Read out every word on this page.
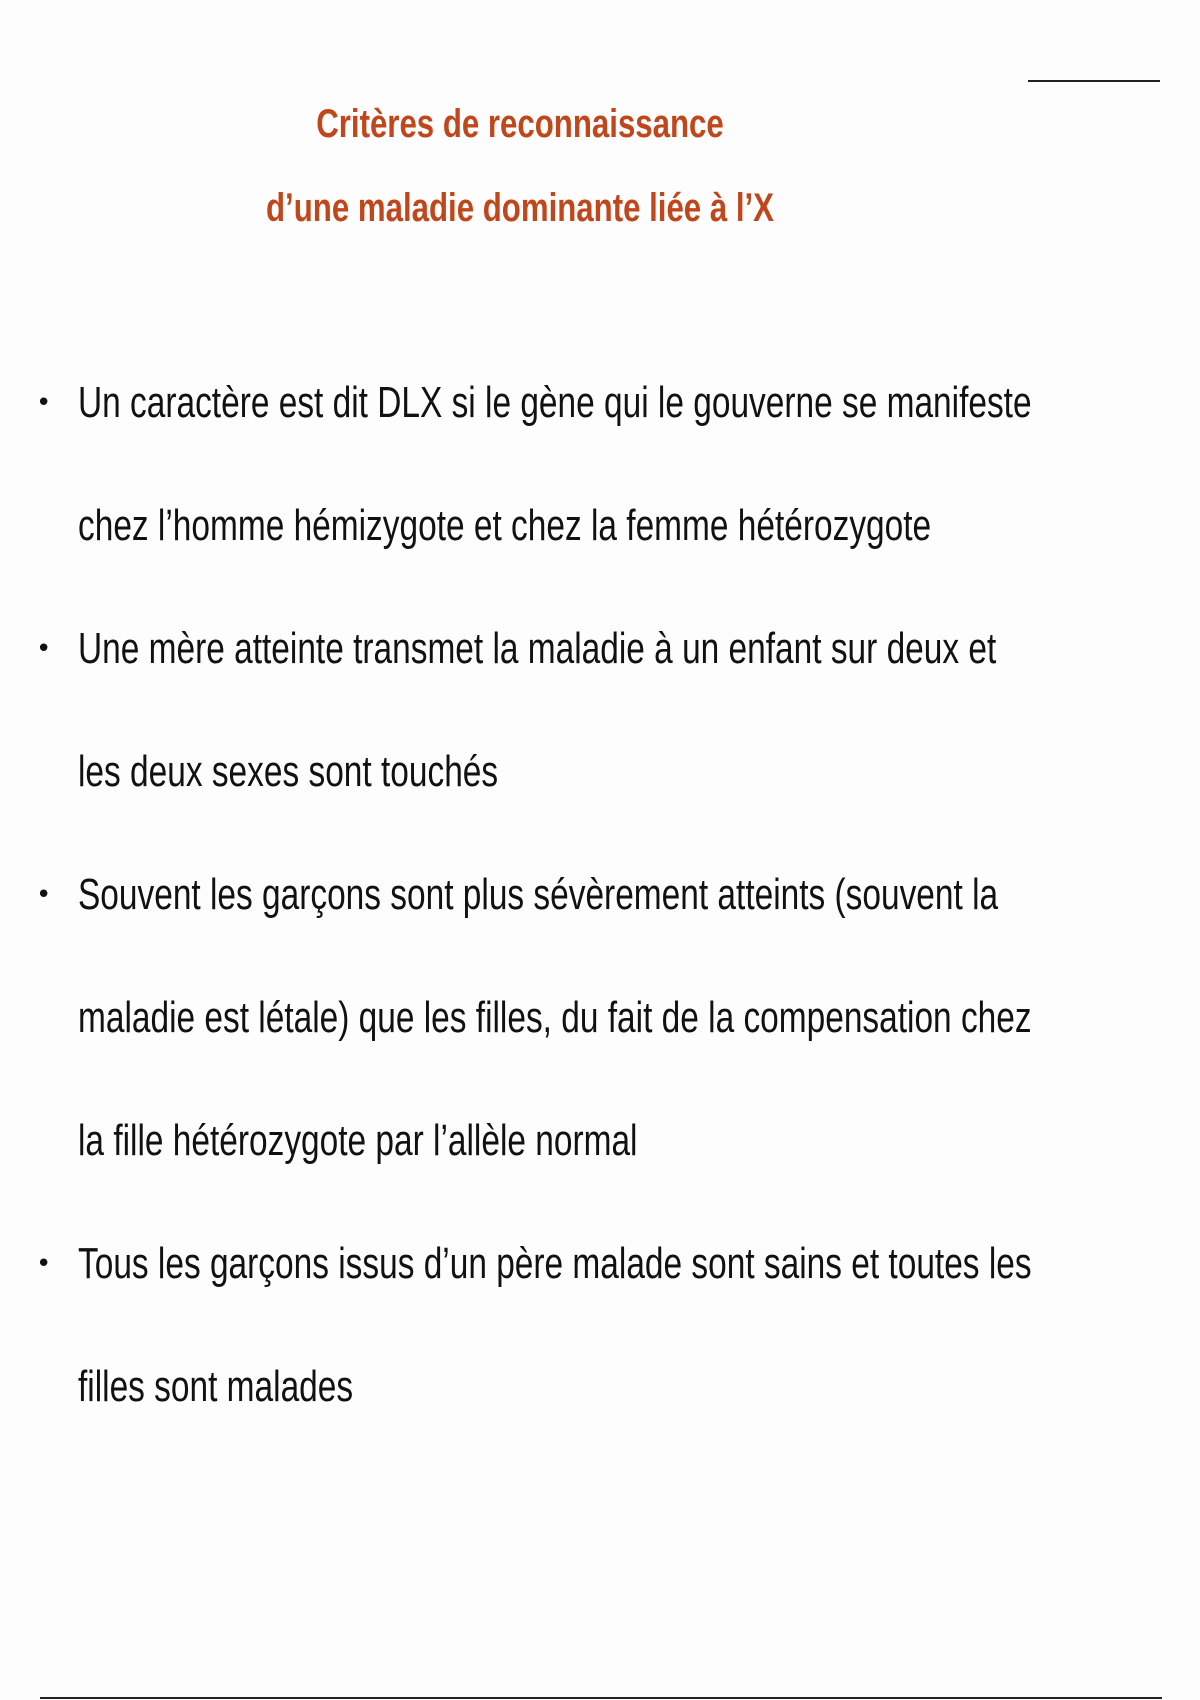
Critères de reconnaissance
d’une maladie dominante liée à l’X
• Un caractère est dit DLX si le gène qui le gouverne se manifeste
chez l’homme hémizygote et chez la femme hétérozygote
• Une mère atteinte transmet la maladie à un enfant sur deux et
les deux sexes sont touchés
• Souvent les garçons sont plus sévèrement atteints (souvent la
maladie est létale) que les filles, du fait de la compensation chez
la fille hétérozygote par l’allèle normal
• Tous les garçons issus d’un père malade sont sains et toutes les
filles sont malades
